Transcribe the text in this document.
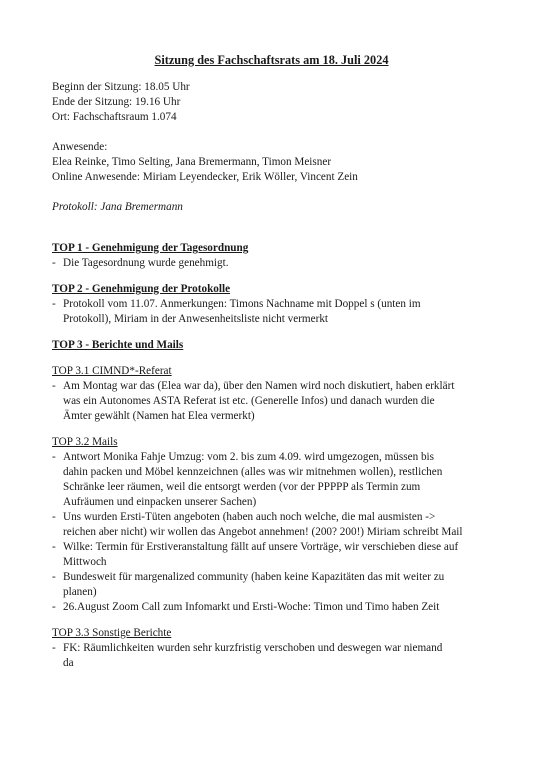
Sitzung des Fachschaftsrats am 18. Juli 2024
Beginn der Sitzung: 18.05 Uhr
Ende der Sitzung: 19.16 Uhr
Ort: Fachschaftsraum 1.074
Anwesende:
Elea Reinke, Timo Selting, Jana Bremermann, Timon Meisner
Online Anwesende: Miriam Leyendecker, Erik Wöller, Vincent Zein
Protokoll: Jana Bremermann
TOP 1 - Genehmigung der Tagesordnung
- Die Tagesordnung wurde genehmigt.
TOP 2 - Genehmigung der Protokolle
- Protokoll vom 11.07. Anmerkungen: Timons Nachname mit Doppel s (unten im
Protokoll), Miriam in der Anwesenheitsliste nicht vermerkt
TOP 3 - Berichte und Mails
TOP 3.1 CIMND*-Referat
- Am Montag war das (Elea war da), über den Namen wird noch diskutiert, haben erklärt
was ein Autonomes ASTA Referat ist etc. (Generelle Infos) und danach wurden die
Ämter gewählt (Namen hat Elea vermerkt)
TOP 3.2 Mails
- Antwort Monika Fahje Umzug: vom 2. bis zum 4.09. wird umgezogen, müssen bis
dahin packen und Möbel kennzeichnen (alles was wir mitnehmen wollen), restlichen
Schränke leer räumen, weil die entsorgt werden (vor der PPPPP als Termin zum
Aufräumen und einpacken unserer Sachen)
- Uns wurden Ersti-Tüten angeboten (haben auch noch welche, die mal ausmisten ->
reichen aber nicht) wir wollen das Angebot annehmen! (200? 200!) Miriam schreibt Mail
- Wilke: Termin für Erstiveranstaltung fällt auf unsere Vorträge, wir verschieben diese auf
Mittwoch
- Bundesweit für margenalized community (haben keine Kapazitäten das mit weiter zu
planen)
- 26.August Zoom Call zum Infomarkt und Ersti-Woche: Timon und Timo haben Zeit
TOP 3.3 Sonstige Berichte
- FK: Räumlichkeiten wurden sehr kurzfristig verschoben und deswegen war niemand
da
